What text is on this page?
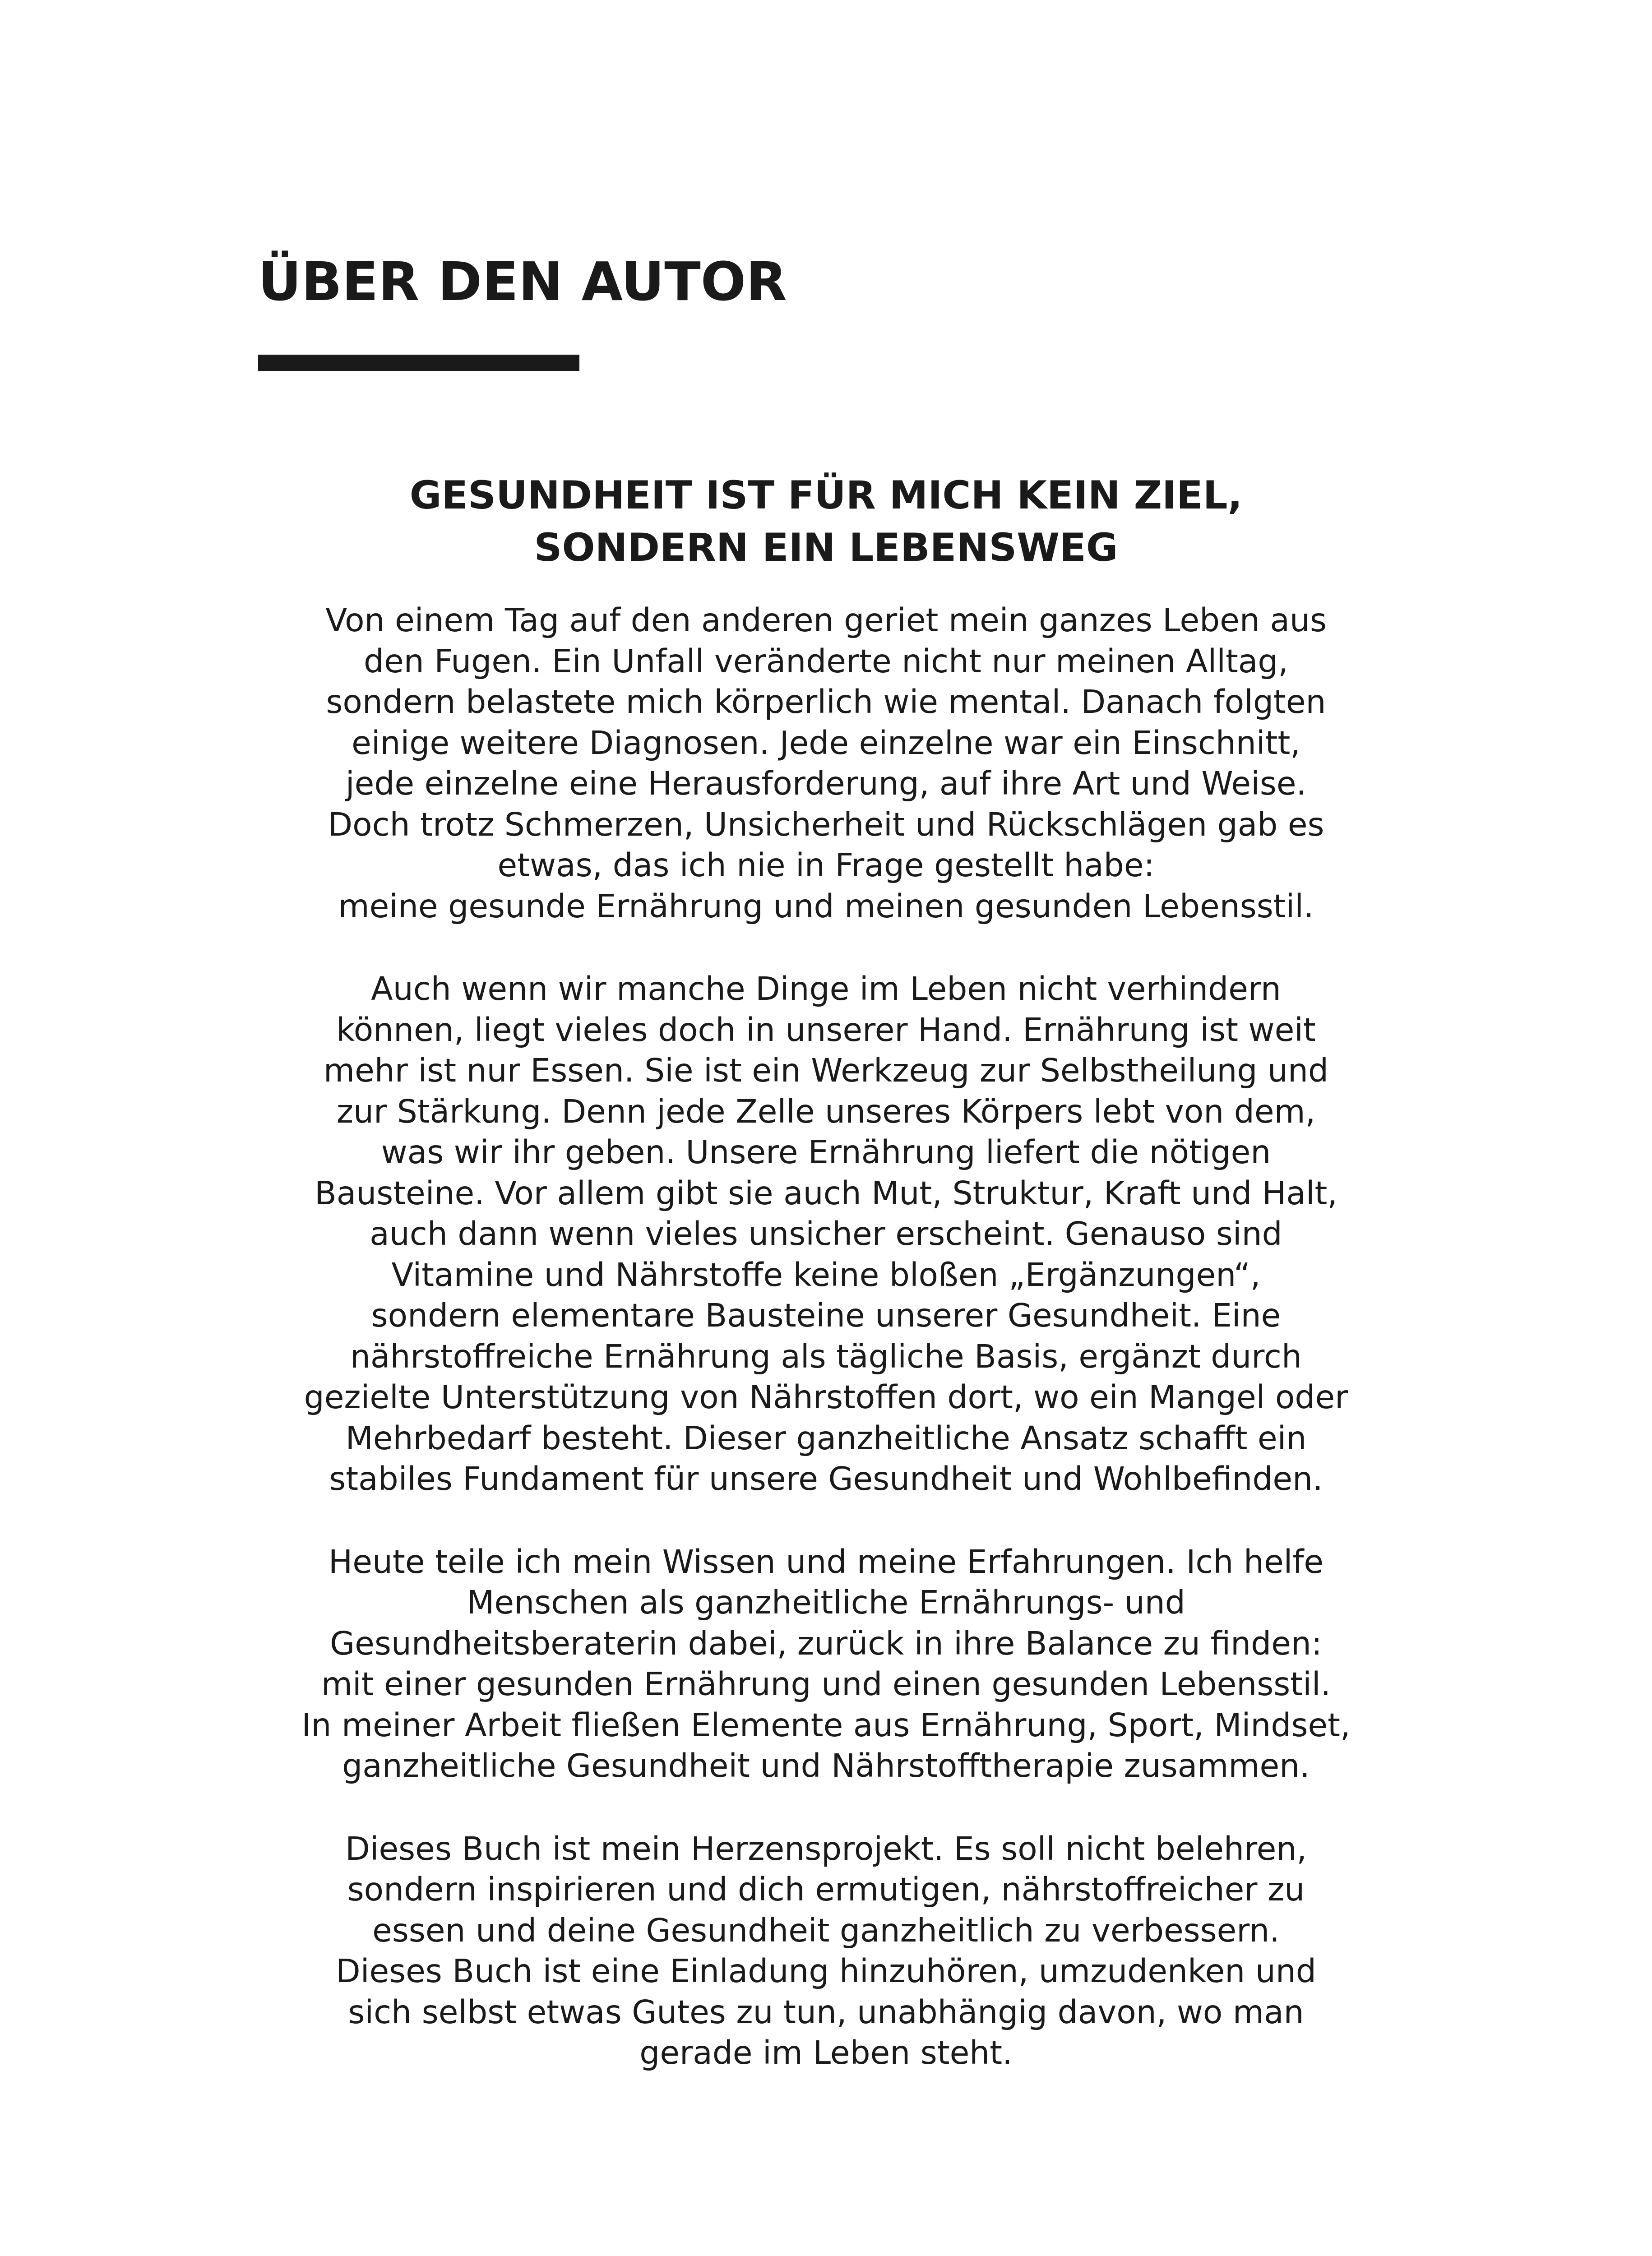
ÜBER DEN AUTOR
GESUNDHEIT IST FÜR MICH KEIN ZIEL,
SONDERN EIN LEBENSWEG

Von einem Tag auf den anderen geriet mein ganzes Leben aus
den Fugen. Ein Unfall veränderte nicht nur meinen Alltag,
sondern belastete mich körperlich wie mental. Danach folgten
einige weitere Diagnosen. Jede einzelne war ein Einschnitt,
jede einzelne eine Herausforderung, auf ihre Art und Weise.
Doch trotz Schmerzen, Unsicherheit und Rückschlägen gab es
etwas, das ich nie in Frage gestellt habe:
meine gesunde Ernährung und meinen gesunden Lebensstil.

Auch wenn wir manche Dinge im Leben nicht verhindern
können, liegt vieles doch in unserer Hand. Ernährung ist weit
mehr ist nur Essen. Sie ist ein Werkzeug zur Selbstheilung und
zur Stärkung. Denn jede Zelle unseres Körpers lebt von dem,
was wir ihr geben. Unsere Ernährung liefert die nötigen
Bausteine. Vor allem gibt sie auch Mut, Struktur, Kraft und Halt,
auch dann wenn vieles unsicher erscheint. Genauso sind
Vitamine und Nährstoffe keine bloßen „Ergänzungen“,
sondern elementare Bausteine unserer Gesundheit. Eine
nährstoffreiche Ernährung als tägliche Basis, ergänzt durch
gezielte Unterstützung von Nährstoffen dort, wo ein Mangel oder
Mehrbedarf besteht. Dieser ganzheitliche Ansatz schafft ein
stabiles Fundament für unsere Gesundheit und Wohlbefinden.

Heute teile ich mein Wissen und meine Erfahrungen. Ich helfe
Menschen als ganzheitliche Ernährungs- und
Gesundheitsberaterin dabei, zurück in ihre Balance zu finden:
mit einer gesunden Ernährung und einen gesunden Lebensstil.
In meiner Arbeit fließen Elemente aus Ernährung, Sport, Mindset,
ganzheitliche Gesundheit und Nährstofftherapie zusammen.

Dieses Buch ist mein Herzensprojekt. Es soll nicht belehren,
sondern inspirieren und dich ermutigen, nährstoffreicher zu
essen und deine Gesundheit ganzheitlich zu verbessern.
Dieses Buch ist eine Einladung hinzuhören, umzudenken und
sich selbst etwas Gutes zu tun, unabhängig davon, wo man
gerade im Leben steht.
